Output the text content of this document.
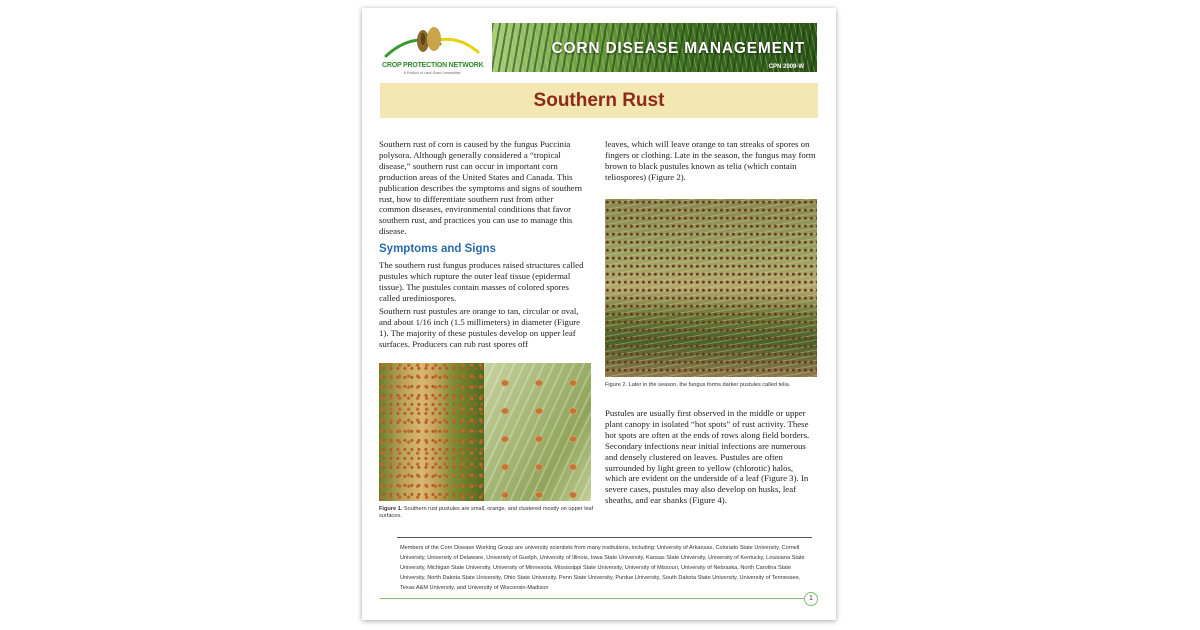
CROP PROTECTION NETWORK
A Product of Land-Grant Universities
CORN DISEASE MANAGEMENT
CPN 2009-W
Southern Rust

Southern rust of corn is caused by the fungus Puccinia polysora. Although generally considered a “tropical disease,” southern rust can occur in important corn production areas of the United States and Canada. This publication describes the symptoms and signs of southern rust, how to differentiate southern rust from other common diseases, environmental conditions that favor southern rust, and practices you can use to manage this disease.

Symptoms and Signs

The southern rust fungus produces raised structures called pustules which rupture the outer leaf tissue (epidermal tissue). The pustules contain masses of colored spores called urediniospores.

Southern rust pustules are orange to tan, circular or oval, and about 1/16 inch (1.5 millimeters) in diameter (Figure 1). The majority of these pustules develop on upper leaf surfaces. Producers can rub rust spores off

Figure 1. Southern rust pustules are small, orange, and clustered mostly on upper leaf surfaces.

leaves, which will leave orange to tan streaks of spores on fingers or clothing. Late in the season, the fungus may form brown to black pustules known as telia (which contain teliospores) (Figure 2).

Figure 2. Later in the season, the fungus forms darker pustules called telia.

Pustules are usually first observed in the middle or upper plant canopy in isolated “hot spots” of rust activity. These hot spots are often at the ends of rows along field borders. Secondary infections near initial infections are numerous and densely clustered on leaves. Pustules are often surrounded by light green to yellow (chlorotic) halos, which are evident on the underside of a leaf (Figure 3). In severe cases, pustules may also develop on husks, leaf sheaths, and ear shanks (Figure 4).

Members of the Corn Disease Working Group are university scientists from many institutions, including: University of Arkansas, Colorado State University, Cornell University, University of Delaware, University of Guelph, University of Illinois, Iowa State University, Kansas State University, University of Kentucky, Louisiana State University, Michigan State University, University of Minnesota, Mississippi State University, University of Missouri, University of Nebraska, North Carolina State University, North Dakota State University, Ohio State University, Penn State University, Purdue University, South Dakota State University, University of Tennessee, Texas A&M University, and University of Wisconsin-Madison
1
